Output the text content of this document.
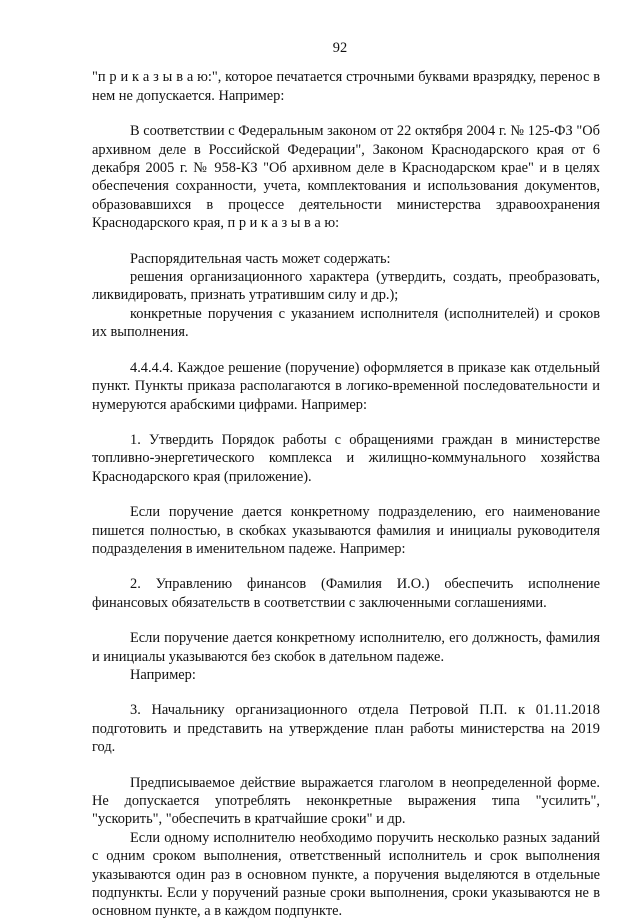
92

"п р и к а з ы в а ю:", которое печатается строчными буквами вразрядку, перенос в нем не допускается. Например:

В соответствии с Федеральным законом от 22 октября 2004 г. № 125-ФЗ "Об архивном деле в Российской Федерации", Законом Краснодарского края от 6 декабря 2005 г. № 958-КЗ "Об архивном деле в Краснодарском крае" и в целях обеспечения сохранности, учета, комплектования и использования документов, образовавшихся в процессе деятельности министерства здравоохранения Краснодарского края, п р и к а з ы в а ю:

Распорядительная часть может содержать:

решения организационного характера (утвердить, создать, преобразовать, ликвидировать, признать утратившим силу и др.);

конкретные поручения с указанием исполнителя (исполнителей) и сроков их выполнения.

4.4.4.4. Каждое решение (поручение) оформляется в приказе как отдельный пункт. Пункты приказа располагаются в логико-временной последовательности и нумеруются арабскими цифрами. Например:

1. Утвердить Порядок работы с обращениями граждан в министерстве топливно-энергетического комплекса и жилищно-коммунального хозяйства Краснодарского края (приложение).

Если поручение дается конкретному подразделению, его наименование пишется полностью, в скобках указываются фамилия и инициалы руководителя подразделения в именительном падеже. Например:

2. Управлению финансов (Фамилия И.О.) обеспечить исполнение финансовых обязательств в соответствии с заключенными соглашениями.

Если поручение дается конкретному исполнителю, его должность, фамилия и инициалы указываются без скобок в дательном падеже.

Например:

3. Начальнику организационного отдела Петровой П.П. к 01.11.2018 подготовить и представить на утверждение план работы министерства на 2019 год.

Предписываемое действие выражается глаголом в неопределенной форме. Не допускается употреблять неконкретные выражения типа "усилить", "ускорить", "обеспечить в кратчайшие сроки" и др.

Если одному исполнителю необходимо поручить несколько разных заданий с одним сроком выполнения, ответственный исполнитель и срок выполнения указываются один раз в основном пункте, а поручения выделяются в отдельные подпункты. Если у поручений разные сроки выполнения, сроки указываются не в основном пункте, а в каждом подпункте.
